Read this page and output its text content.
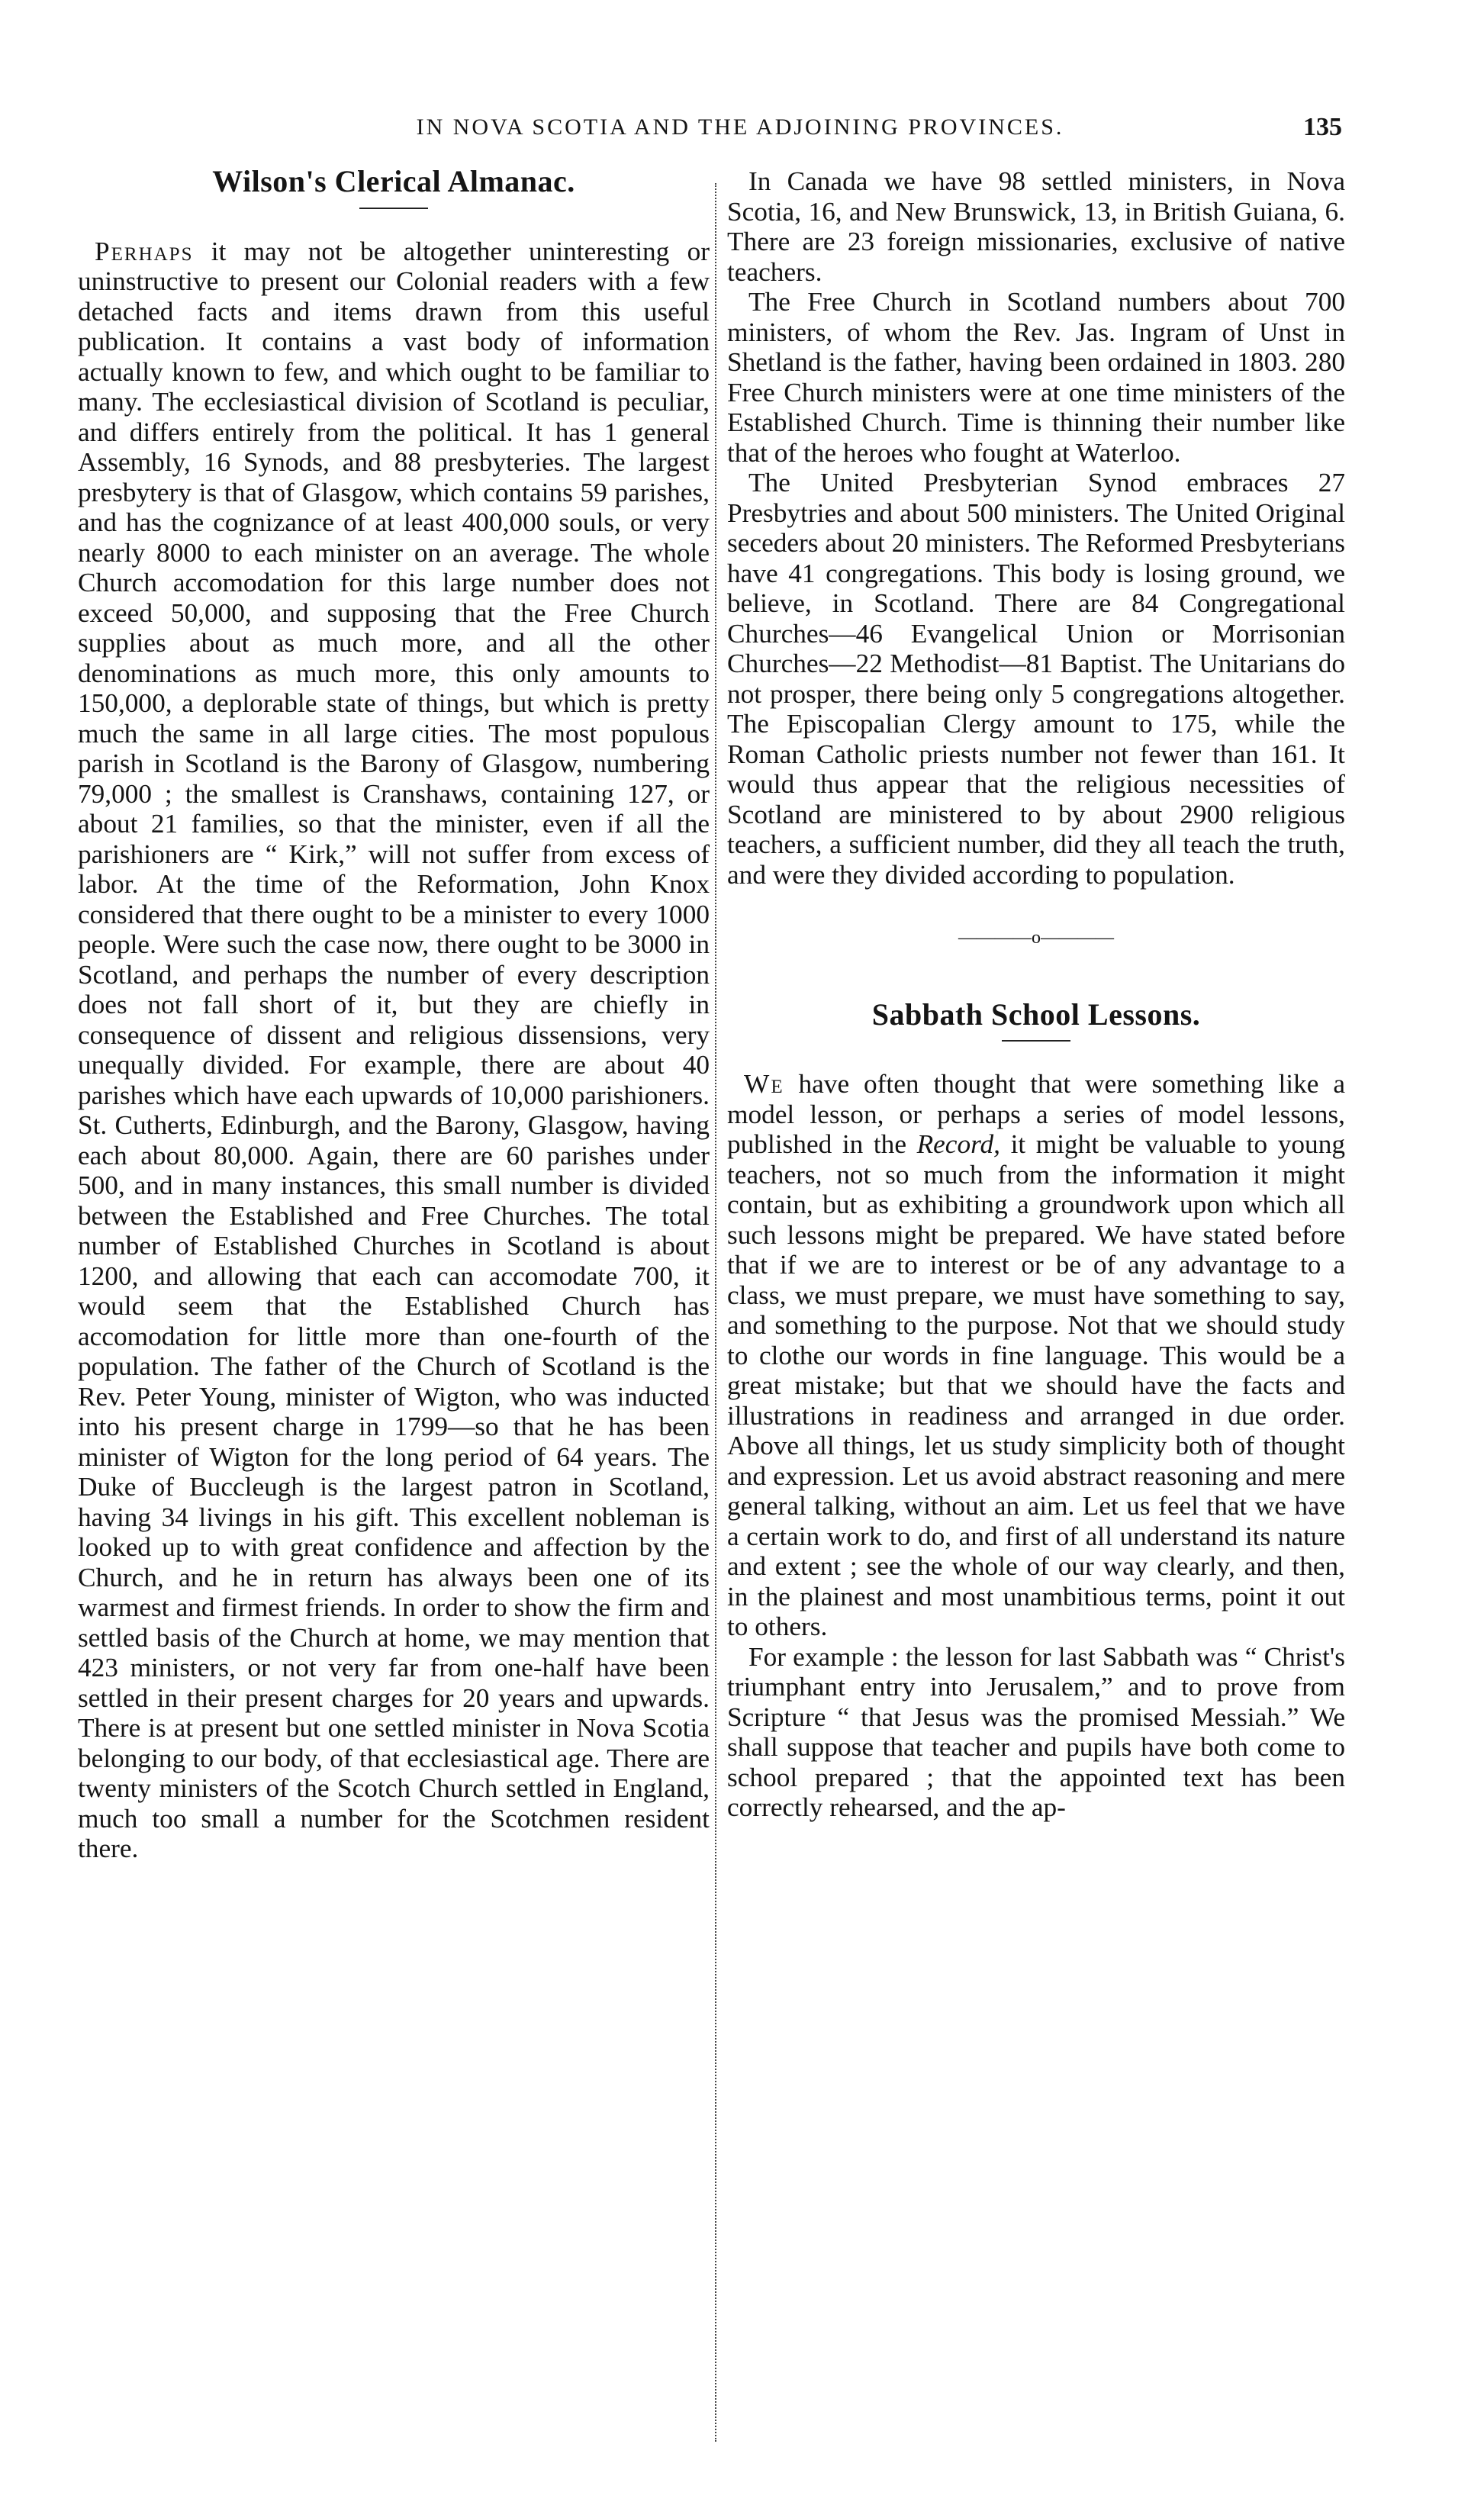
IN NOVA SCOTIA AND THE ADJOINING PROVINCES.	135
Wilson's Clerical Almanac.

Perhaps it may not be altogether uninteresting or uninstructive to present our Colonial readers with a few detached facts and items drawn from this useful publication. It contains a vast body of information actually known to few, and which ought to be familiar to many. The ecclesiastical division of Scotland is peculiar, and differs entirely from the political. It has 1 general Assembly, 16 Synods, and 88 presbyteries. The largest presbytery is that of Glasgow, which contains 59 parishes, and has the cognizance of at least 400,000 souls, or very nearly 8000 to each minister on an average. The whole Church accomodation for this large number does not exceed 50,000, and supposing that the Free Church supplies about as much more, and all the other denominations as much more, this only amounts to 150,000, a deplorable state of things, but which is pretty much the same in all large cities. The most populous parish in Scotland is the Barony of Glasgow, numbering 79,000 ; the smallest is Cranshaws, containing 127, or about 21 families, so that the minister, even if all the parishioners are “ Kirk,” will not suffer from excess of labor. At the time of the Reformation, John Knox considered that there ought to be a minister to every 1000 people. Were such the case now, there ought to be 3000 in Scotland, and perhaps the number of every description does not fall short of it, but they are chiefly in consequence of dissent and religious dissensions, very unequally divided. For example, there are about 40 parishes which have each upwards of 10,000 parishioners. St. Cutherts, Edinburgh, and the Barony, Glasgow, having each about 80,000. Again, there are 60 parishes under 500, and in many instances, this small number is divided between the Established and Free Churches. The total number of Established Churches in Scotland is about 1200, and allowing that each can accomodate 700, it would seem that the Established Church has accomodation for little more than one-fourth of the population. The father of the Church of Scotland is the Rev. Peter Young, minister of Wigton, who was inducted into his present charge in 1799—so that he has been minister of Wigton for the long period of 64 years. The Duke of Buccleugh is the largest patron in Scotland, having 34 livings in his gift. This excellent nobleman is looked up to with great confidence and affection by the Church, and he in return has always been one of its warmest and firmest friends. In order to show the firm and settled basis of the Church at home, we may mention that 423 ministers, or not very far from one-half have been settled in their present charges for 20 years and upwards. There is at present but one settled minister in Nova Scotia belonging to our body, of that ecclesiastical age. There are twenty ministers of the Scotch Church settled in England, much too small a number for the Scotchmen resident there.

In Canada we have 98 settled ministers, in Nova Scotia, 16, and New Brunswick, 13, in British Guiana, 6. There are 23 foreign missionaries, exclusive of native teachers.

The Free Church in Scotland numbers about 700 ministers, of whom the Rev. Jas. Ingram of Unst in Shetland is the father, having been ordained in 1803. 280 Free Church ministers were at one time ministers of the Established Church. Time is thinning their number like that of the heroes who fought at Waterloo.

The United Presbyterian Synod embraces 27 Presbytries and about 500 ministers. The United Original seceders about 20 ministers. The Reformed Presbyterians have 41 congregations. This body is losing ground, we believe, in Scotland. There are 84 Congregational Churches—46 Evangelical Union or Morrisonian Churches—22 Methodist—81 Baptist. The Unitarians do not prosper, there being only 5 congregations altogether. The Episcopalian Clergy amount to 175, while the Roman Catholic priests number not fewer than 161. It would thus appear that the religious necessities of Scotland are ministered to by about 2900 religious teachers, a sufficient number, did they all teach the truth, and were they divided according to population.

————o————
Sabbath School Lessons.

We have often thought that were something like a model lesson, or perhaps a series of model lessons, published in the Record, it might be valuable to young teachers, not so much from the information it might contain, but as exhibiting a groundwork upon which all such lessons might be prepared. We have stated before that if we are to interest or be of any advantage to a class, we must prepare, we must have something to say, and something to the purpose. Not that we should study to clothe our words in fine language. This would be a great mistake; but that we should have the facts and illustrations in readiness and arranged in due order. Above all things, let us study simplicity both of thought and expression. Let us avoid abstract reasoning and mere general talking, without an aim. Let us feel that we have a certain work to do, and first of all understand its nature and extent ; see the whole of our way clearly, and then, in the plainest and most unambitious terms, point it out to others.

For example : the lesson for last Sabbath was “ Christ's triumphant entry into Jerusalem,” and to prove from Scripture “ that Jesus was the promised Messiah.” We shall suppose that teacher and pupils have both come to school prepared ; that the appointed text has been correctly rehearsed, and the ap-
